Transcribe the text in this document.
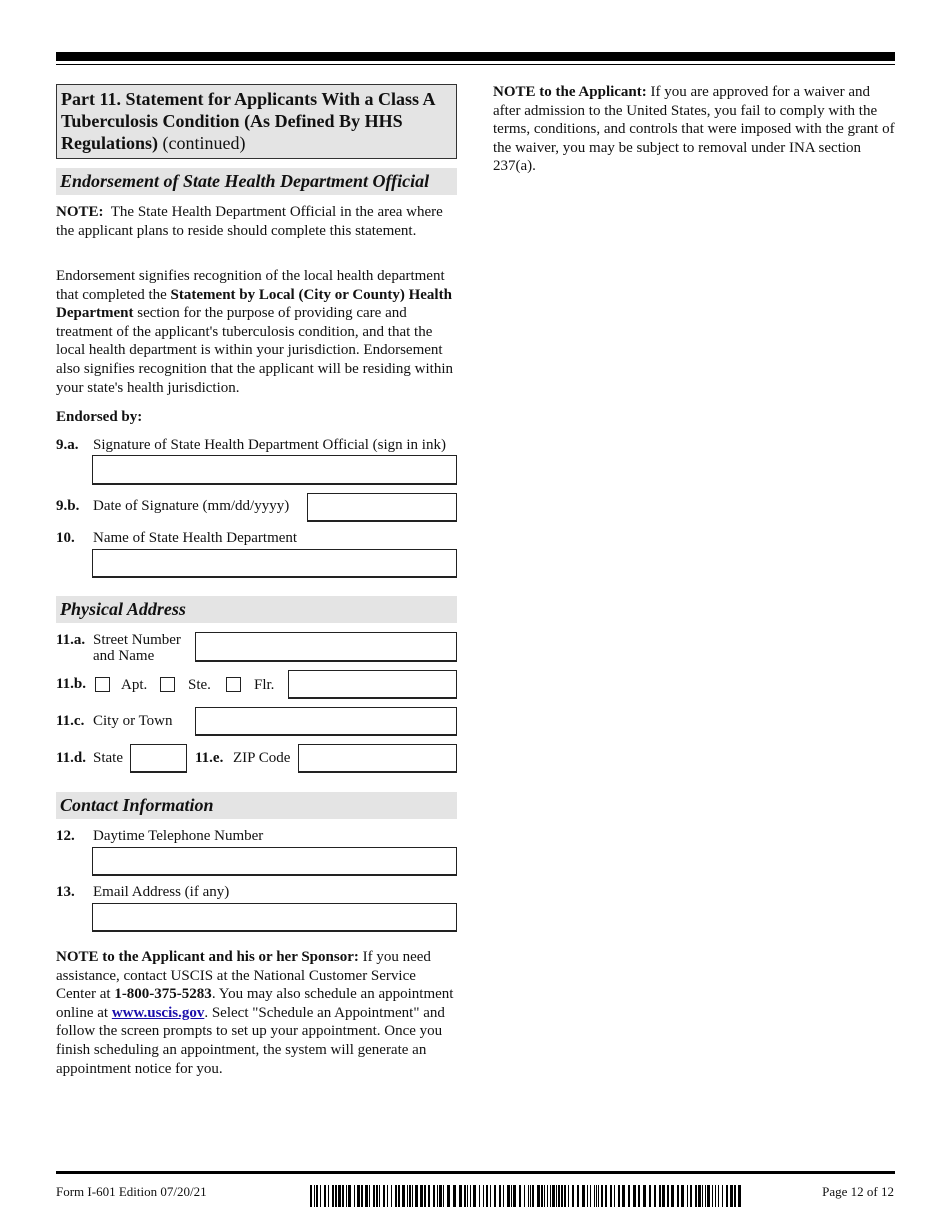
Part 11. Statement for Applicants With a Class A Tuberculosis Condition (As Defined By HHS Regulations) (continued)
Endorsement of State Health Department Official
NOTE: The State Health Department Official in the area where the applicant plans to reside should complete this statement.
Endorsement signifies recognition of the local health department that completed the Statement by Local (City or County) Health Department section for the purpose of providing care and treatment of the applicant's tuberculosis condition, and that the local health department is within your jurisdiction. Endorsement also signifies recognition that the applicant will be residing within your state's health jurisdiction.
Endorsed by:
9.a. Signature of State Health Department Official (sign in ink)
9.b. Date of Signature (mm/dd/yyyy)
10. Name of State Health Department
Physical Address
11.a. Street Number
and Name
11.b. Apt.	Ste.	Flr.
11.c. City or Town
11.d. State	11.e. ZIP Code
Contact Information
12. Daytime Telephone Number
13. Email Address (if any)
NOTE to the Applicant and his or her Sponsor: If you need assistance, contact USCIS at the National Customer Service Center at 1-800-375-5283. You may also schedule an appointment online at www.uscis.gov. Select "Schedule an Appointment" and follow the screen prompts to set up your appointment. Once you finish scheduling an appointment, the system will generate an appointment notice for you.
NOTE to the Applicant: If you are approved for a waiver and after admission to the United States, you fail to comply with the terms, conditions, and controls that were imposed with the grant of the waiver, you may be subject to removal under INA section 237(a).
Form I-601 Edition 07/20/21	Page 12 of 12
